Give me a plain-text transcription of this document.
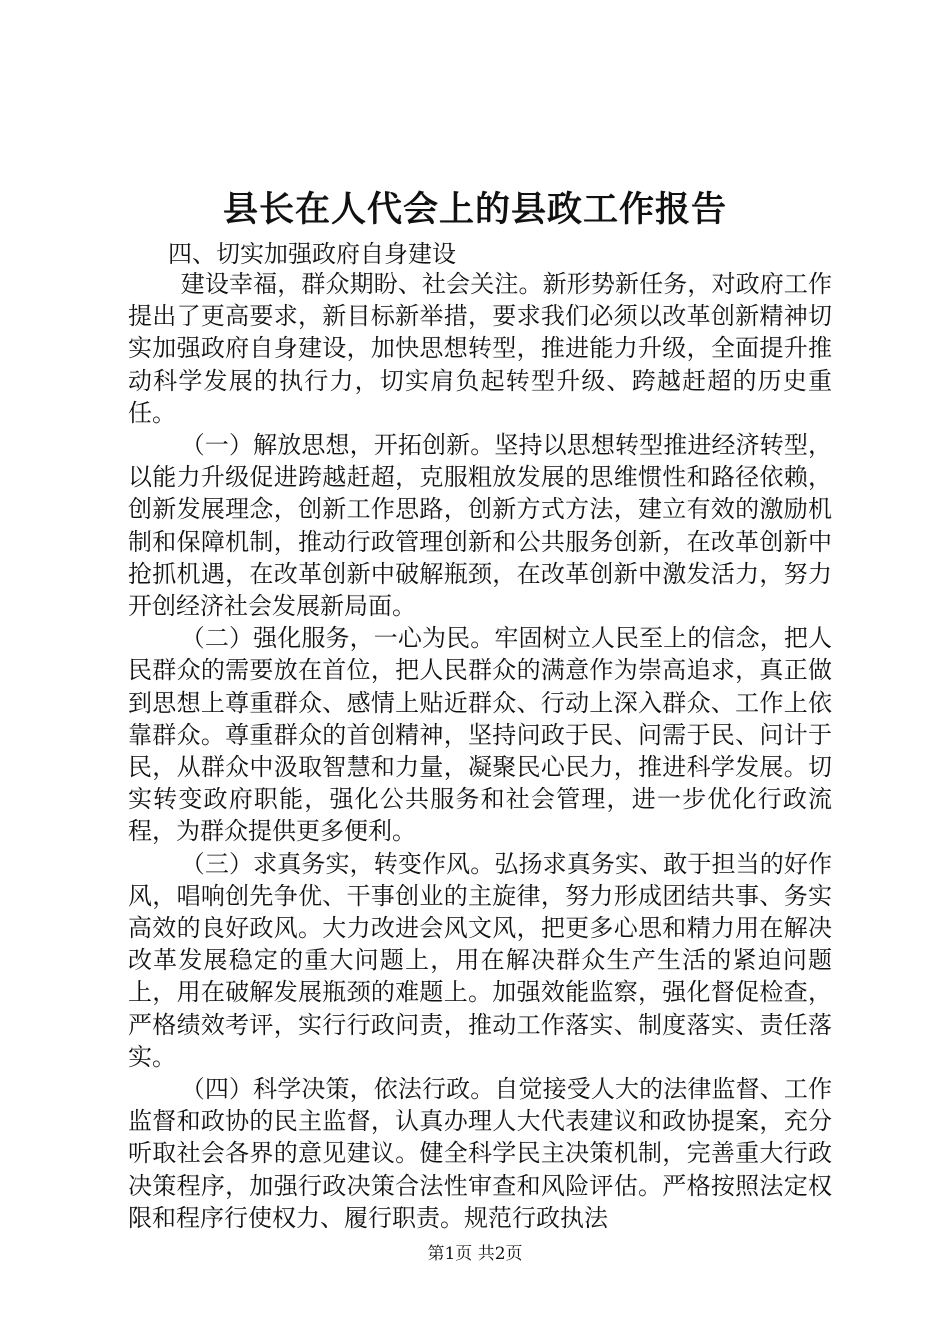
县长在人代会上的县政工作报告
四、切实加强政府自身建设

建设幸福，群众期盼、社会关注。新形势新任务，对政府工作提出了更高要求，新目标新举措，要求我们必须以改革创新精神切实加强政府自身建设，加快思想转型，推进能力升级，全面提升推动科学发展的执行力，切实肩负起转型升级、跨越赶超的历史重任。

（一）解放思想，开拓创新。坚持以思想转型推进经济转型，以能力升级促进跨越赶超，克服粗放发展的思维惯性和路径依赖，创新发展理念，创新工作思路，创新方式方法，建立有效的激励机制和保障机制，推动行政管理创新和公共服务创新，在改革创新中抢抓机遇，在改革创新中破解瓶颈，在改革创新中激发活力，努力开创经济社会发展新局面。

（二）强化服务，一心为民。牢固树立人民至上的信念，把人民群众的需要放在首位，把人民群众的满意作为崇高追求，真正做到思想上尊重群众、感情上贴近群众、行动上深入群众、工作上依靠群众。尊重群众的首创精神，坚持问政于民、问需于民、问计于民，从群众中汲取智慧和力量，凝聚民心民力，推进科学发展。切实转变政府职能，强化公共服务和社会管理，进一步优化行政流程，为群众提供更多便利。

（三）求真务实，转变作风。弘扬求真务实、敢于担当的好作风，唱响创先争优、干事创业的主旋律，努力形成团结共事、务实高效的良好政风。大力改进会风文风，把更多心思和精力用在解决改革发展稳定的重大问题上，用在解决群众生产生活的紧迫问题上，用在破解发展瓶颈的难题上。加强效能监察，强化督促检查，严格绩效考评，实行行政问责，推动工作落实、制度落实、责任落实。

（四）科学决策，依法行政。自觉接受人大的法律监督、工作监督和政协的民主监督，认真办理人大代表建议和政协提案，充分听取社会各界的意见建议。健全科学民主决策机制，完善重大行政决策程序，加强行政决策合法性审查和风险评估。严格按照法定权限和程序行使权力、履行职责。规范行政执法

第1页 共2页
